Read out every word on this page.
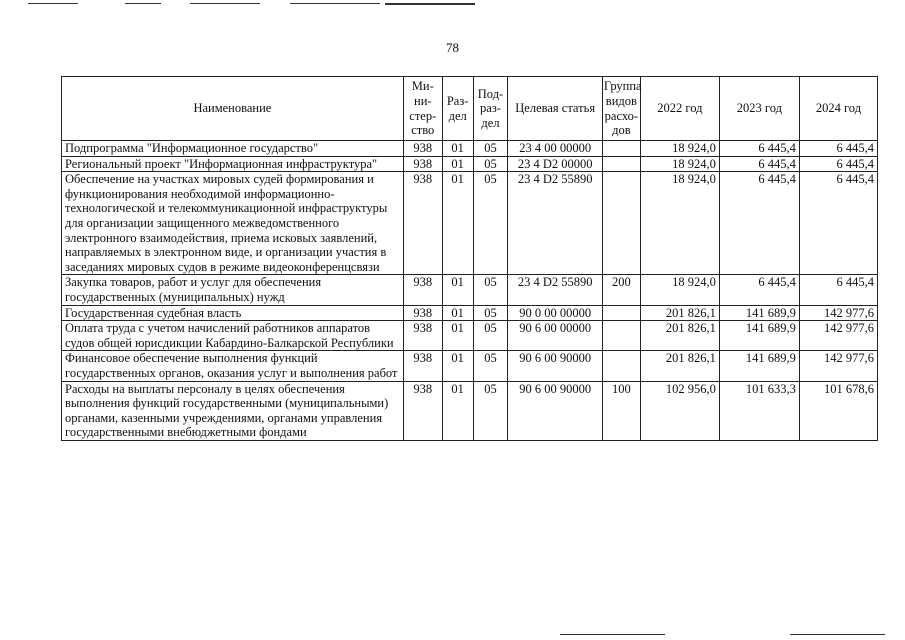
78
Наименование	Ми- ни- стер- ство	Раз- дел	Под- раз- дел	Целевая статья	Группа видов расхо- дов	2022 год	2023 год	2024 год
Подпрограмма "Информационное государство"	938	01	05	23 4 00 00000		18 924,0	6 445,4	6 445,4
Региональный проект "Информационная инфраструктура"	938	01	05	23 4 D2 00000		18 924,0	6 445,4	6 445,4
Обеспечение на участках мировых судей формирования и функционирования необходимой информационно-технологической и телекоммуникационной инфраструктуры для организации защищенного межведомственного электронного взаимодействия, приема исковых заявлений, направляемых в электронном виде, и организации участия в заседаниях мировых судов в режиме видеоконференцсвязи	938	01	05	23 4 D2 55890		18 924,0	6 445,4	6 445,4
Закупка товаров, работ и услуг для обеспечения государственных (муниципальных) нужд	938	01	05	23 4 D2 55890	200	18 924,0	6 445,4	6 445,4
Государственная судебная власть	938	01	05	90 0 00 00000		201 826,1	141 689,9	142 977,6
Оплата труда с учетом начислений работников аппаратов судов общей юрисдикции Кабардино-Балкарской Республики	938	01	05	90 6 00 00000		201 826,1	141 689,9	142 977,6
Финансовое обеспечение выполнения функций государственных органов, оказания услуг и выполнения работ	938	01	05	90 6 00 90000		201 826,1	141 689,9	142 977,6
Расходы на выплаты персоналу в целях обеспечения выполнения функций государственными (муниципальными) органами, казенными учреждениями, органами управления государственными внебюджетными фондами	938	01	05	90 6 00 90000	100	102 956,0	101 633,3	101 678,6
